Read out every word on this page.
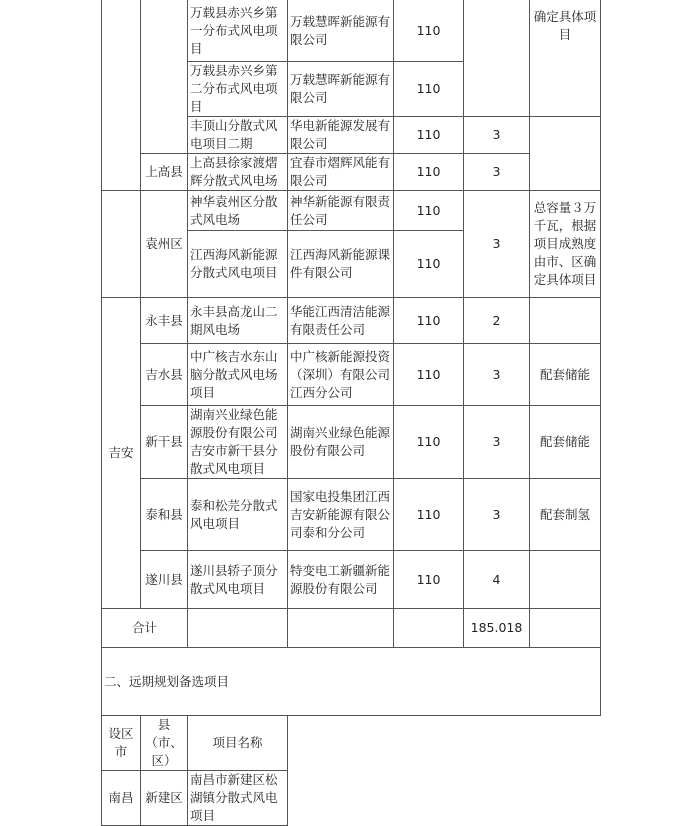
		万载县赤兴乡第一分布式风电项目	万载慧晖新能源有限公司	110		确定具体项目
		万载县赤兴乡第二分布式风电项目	万载慧晖新能源有限公司	110		
		丰顶山分散式风电项目二期	华电新能源发展有限公司	110	3	
	上高县	上高县徐家渡熠辉分散式风电场	宜春市熠辉风能有限公司	110	3	
	袁州区	神华袁州区分散式风电场	神华新能源有限责任公司	110	3	总容量３万千瓦，根据项目成熟度由市、区确定具体项目
		江西海风新能源分散式风电项目	江西海风新能源课件有限公司	110		
吉安	永丰县	永丰县高龙山二期风电场	华能江西清洁能源有限责任公司	110	2	
	吉水县	中广核吉水东山脑分散式风电场项目	中广核新能源投资（深圳）有限公司江西分公司	110	3	配套储能
	新干县	湖南兴业绿色能源股份有限公司吉安市新干县分散式风电项目	湖南兴业绿色能源股份有限公司	110	3	配套储能
	泰和县	泰和松芫分散式风电项目	国家电投集团江西吉安新能源有限公司泰和分公司	110	3	配套制氢
	遂川县	遂川县轿子顶分散式风电项目	特变电工新疆新能源股份有限公司	110	4	
合计					185.018	
二、远期规划备选项目						
设区市	县（市、区）	项目名称				
南昌	新建区	南昌市新建区松湖镇分散式风电项目				
